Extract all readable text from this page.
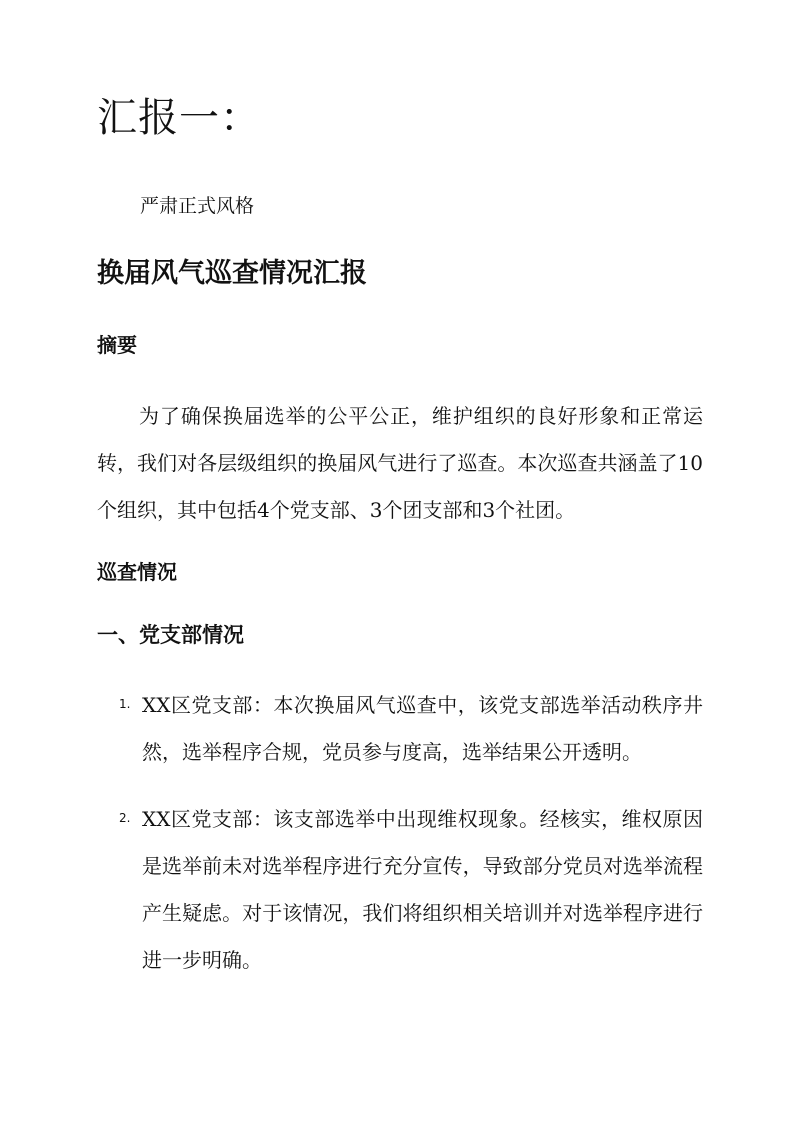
汇报一：
严肃正式风格
换届风气巡查情况汇报
摘要

为了确保换届选举的公平公正，维护组织的良好形象和正常运转，我们对各层级组织的换届风气进行了巡查。本次巡查共涵盖了10个组织，其中包括4个党支部、3个团支部和3个社团。

巡查情况
一、党支部情况
1. XX区党支部：本次换届风气巡查中，该党支部选举活动秩序井然，选举程序合规，党员参与度高，选举结果公开透明。

2. XX区党支部：该支部选举中出现维权现象。经核实，维权原因是选举前未对选举程序进行充分宣传，导致部分党员对选举流程产生疑虑。对于该情况，我们将组织相关培训并对选举程序进行进一步明确。
